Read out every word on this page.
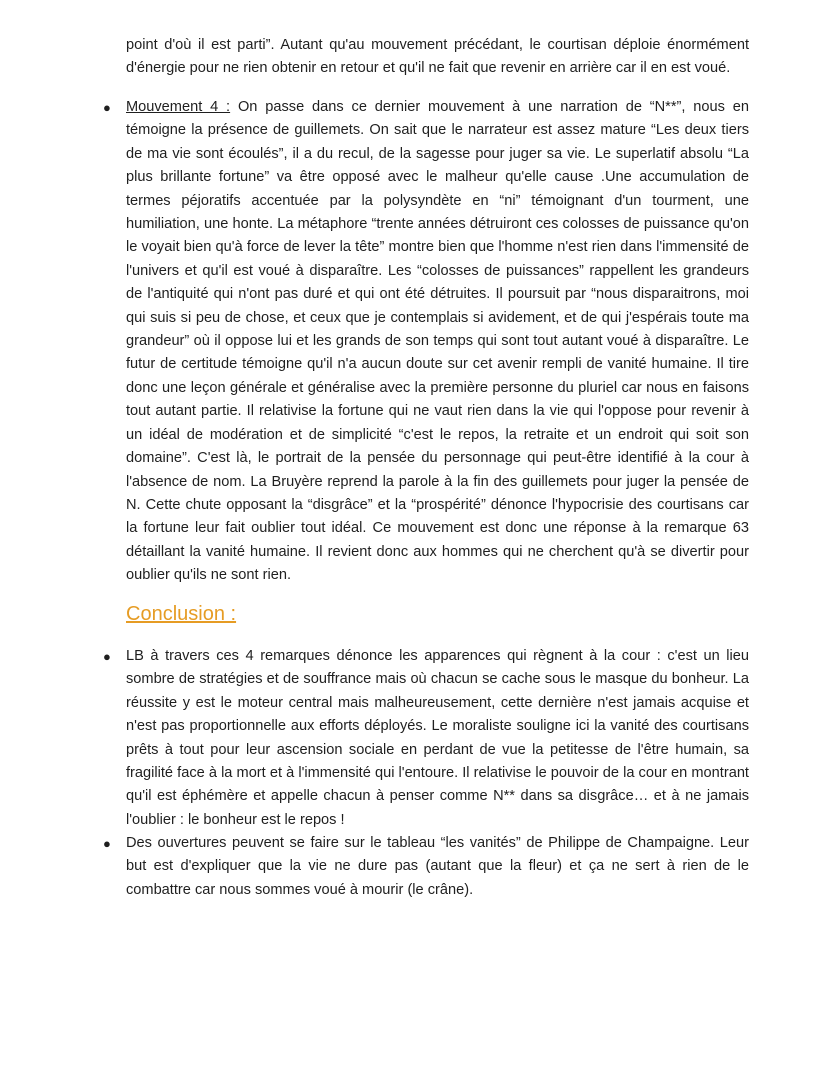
point d'où il est parti”. Autant qu'au mouvement précédant, le courtisan déploie énormément d'énergie pour ne rien obtenir en retour et qu'il ne fait que revenir en arrière car il en est voué.
● Mouvement 4 : On passe dans ce dernier mouvement à une narration de “N**”, nous en témoigne la présence de guillemets. On sait que le narrateur est assez mature “Les deux tiers de ma vie sont écoulés”, il a du recul, de la sagesse pour juger sa vie. Le superlatif absolu “La plus brillante fortune” va être opposé avec le malheur qu'elle cause .Une accumulation de termes péjoratifs accentuée par la polysyndète en “ni” témoignant d'un tourment, une humiliation, une honte. La métaphore “trente années détruiront ces colosses de puissance qu'on le voyait bien qu'à force de lever la tête” montre bien que l'homme n'est rien dans l'immensité de l'univers et qu'il est voué à disparaître. Les “colosses de puissances” rappellent les grandeurs de l'antiquité qui n'ont pas duré et qui ont été détruites. Il poursuit par “nous disparaitrons, moi qui suis si peu de chose, et ceux que je contemplais si avidement, et de qui j'espérais toute ma grandeur” où il oppose lui et les grands de son temps qui sont tout autant voué à disparaître. Le futur de certitude témoigne qu'il n'a aucun doute sur cet avenir rempli de vanité humaine. Il tire donc une leçon générale et généralise avec la première personne du pluriel car nous en faisons tout autant partie. Il relativise la fortune qui ne vaut rien dans la vie qui l'oppose pour revenir à un idéal de modération et de simplicité “c'est le repos, la retraite et un endroit qui soit son domaine”. C'est là, le portrait de la pensée du personnage qui peut-être identifié à la cour à l'absence de nom. La Bruyère reprend la parole à la fin des guillemets pour juger la pensée de N. Cette chute opposant la “disgrâce” et la “prospérité” dénonce l'hypocrisie des courtisans car la fortune leur fait oublier tout idéal. Ce mouvement est donc une réponse à la remarque 63 détaillant la vanité humaine. Il revient donc aux hommes qui ne cherchent qu'à se divertir pour oublier qu'ils ne sont rien.
Conclusion :
● LB à travers ces 4 remarques dénonce les apparences qui règnent à la cour : c'est un lieu sombre de stratégies et de souffrance mais où chacun se cache sous le masque du bonheur. La réussite y est le moteur central mais malheureusement, cette dernière n'est jamais acquise et n'est pas proportionnelle aux efforts déployés. Le moraliste souligne ici la vanité des courtisans prêts à tout pour leur ascension sociale en perdant de vue la petitesse de l'être humain, sa fragilité face à la mort et à l'immensité qui l'entoure. Il relativise le pouvoir de la cour en montrant qu'il est éphémère et appelle chacun à penser comme N** dans sa disgrâce… et à ne jamais l'oublier : le bonheur est le repos !
● Des ouvertures peuvent se faire sur le tableau “les vanités” de Philippe de Champaigne. Leur but est d'expliquer que la vie ne dure pas (autant que la fleur) et ça ne sert à rien de le combattre car nous sommes voué à mourir (le crâne).
